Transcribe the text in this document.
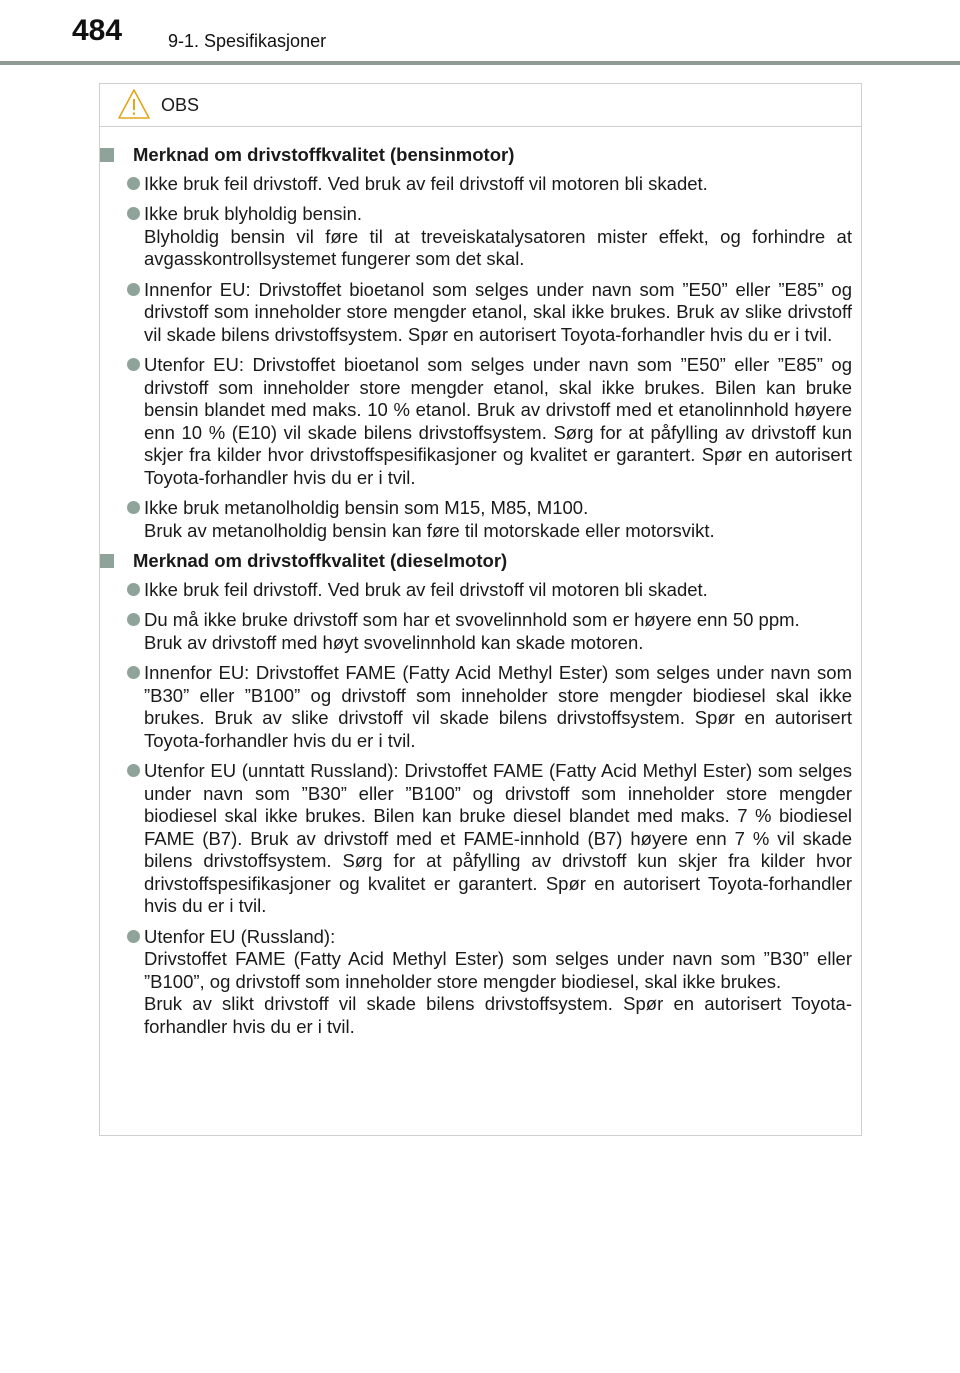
484	9-1. Spesifikasjoner
OBS
Merknad om drivstoffkvalitet (bensinmotor)
Ikke bruk feil drivstoff. Ved bruk av feil drivstoff vil motoren bli skadet.
Ikke bruk blyholdig bensin.
Blyholdig bensin vil føre til at treveiskatalysatoren mister effekt, og forhindre at avgasskontrollsystemet fungerer som det skal.
Innenfor EU: Drivstoffet bioetanol som selges under navn som ”E50” eller ”E85” og drivstoff som inneholder store mengder etanol, skal ikke brukes. Bruk av slike drivstoff vil skade bilens drivstoffsystem. Spør en autorisert Toyota-forhandler hvis du er i tvil.
Utenfor EU: Drivstoffet bioetanol som selges under navn som ”E50” eller ”E85” og drivstoff som inneholder store mengder etanol, skal ikke brukes. Bilen kan bruke bensin blandet med maks. 10 % etanol. Bruk av drivstoff med et etanolinnhold høyere enn 10 % (E10) vil skade bilens drivstoffsystem. Sørg for at påfylling av drivstoff kun skjer fra kilder hvor drivstoffspesifikasjoner og kvalitet er garantert. Spør en autorisert Toyota-forhandler hvis du er i tvil.
Ikke bruk metanolholdig bensin som M15, M85, M100.
Bruk av metanolholdig bensin kan føre til motorskade eller motorsvikt.
Merknad om drivstoffkvalitet (dieselmotor)
Ikke bruk feil drivstoff. Ved bruk av feil drivstoff vil motoren bli skadet.
Du må ikke bruke drivstoff som har et svovelinnhold som er høyere enn 50 ppm.
Bruk av drivstoff med høyt svovelinnhold kan skade motoren.
Innenfor EU: Drivstoffet FAME (Fatty Acid Methyl Ester) som selges under navn som ”B30” eller ”B100” og drivstoff som inneholder store mengder biodiesel skal ikke brukes. Bruk av slike drivstoff vil skade bilens drivstoffsystem. Spør en autorisert Toyota-forhandler hvis du er i tvil.
Utenfor EU (unntatt Russland): Drivstoffet FAME (Fatty Acid Methyl Ester) som selges under navn som ”B30” eller ”B100” og drivstoff som inneholder store mengder biodiesel skal ikke brukes. Bilen kan bruke diesel blandet med maks. 7 % biodiesel FAME (B7). Bruk av drivstoff med et FAME-innhold (B7) høyere enn 7 % vil skade bilens drivstoffsystem. Sørg for at påfylling av drivstoff kun skjer fra kilder hvor drivstoffspesifikasjoner og kvalitet er garantert. Spør en autorisert Toyota-forhandler hvis du er i tvil.
Utenfor EU (Russland):
Drivstoffet FAME (Fatty Acid Methyl Ester) som selges under navn som ”B30” eller ”B100”, og drivstoff som inneholder store mengder biodiesel, skal ikke brukes.
Bruk av slikt drivstoff vil skade bilens drivstoffsystem. Spør en autorisert Toyota-forhandler hvis du er i tvil.
